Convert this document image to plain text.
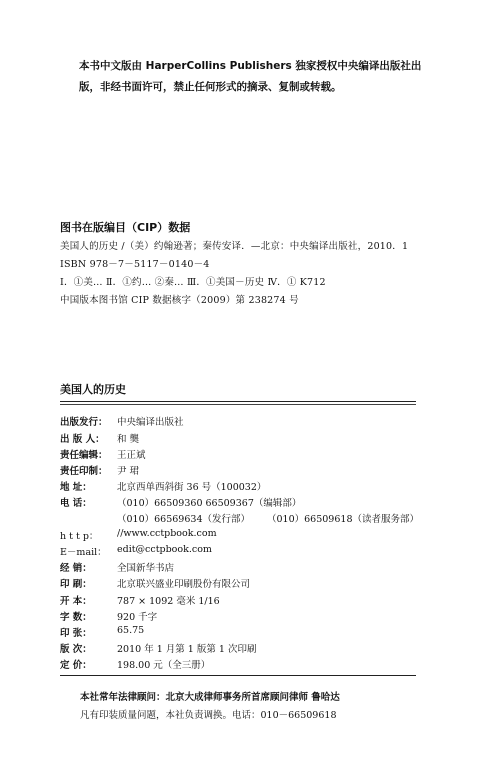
本书中文版由 HarperCollins Publishers 独家授权中央编译出版社出版，非经书面许可，禁止任何形式的摘录、复制或转载。
图书在版编目（CIP）数据
美国人的历史 /（美）约翰逊著；秦传安译．—北京：中央编译出版社，2010．1
ISBN 978－7－5117－0140－4
Ⅰ．①美… Ⅱ．①约… ②秦… Ⅲ．①美国－历史 Ⅳ．① K712
中国版本图书馆 CIP 数据核字（2009）第 238274 号
美国人的历史
出版发行： 中央编译出版社
出 版 人：	和 龑
责任编辑： 王正斌
责任印制： 尹 珺
地 址：	北京西单西斜街 36 号（100032）
电 话：	（010）66509360 66509367（编辑部）
（010）66569634（发行部） （010）66509618（读者服务部）
h t t p：	//www.cctpbook.com
E－mail：	edit@cctpbook.com
经 销：	全国新华书店
印 刷：	北京联兴盛业印刷股份有限公司
开 本：	787 × 1092 毫米 1/16
字 数：	920 千字
印 张：	65.75
版 次：	2010 年 1 月第 1 版第 1 次印刷
定 价：	198.00 元（全三册）
本社常年法律顾问：北京大成律师事务所首席顾问律师 鲁哈达
凡有印装质量问题，本社负责调换。电话：010－66509618
